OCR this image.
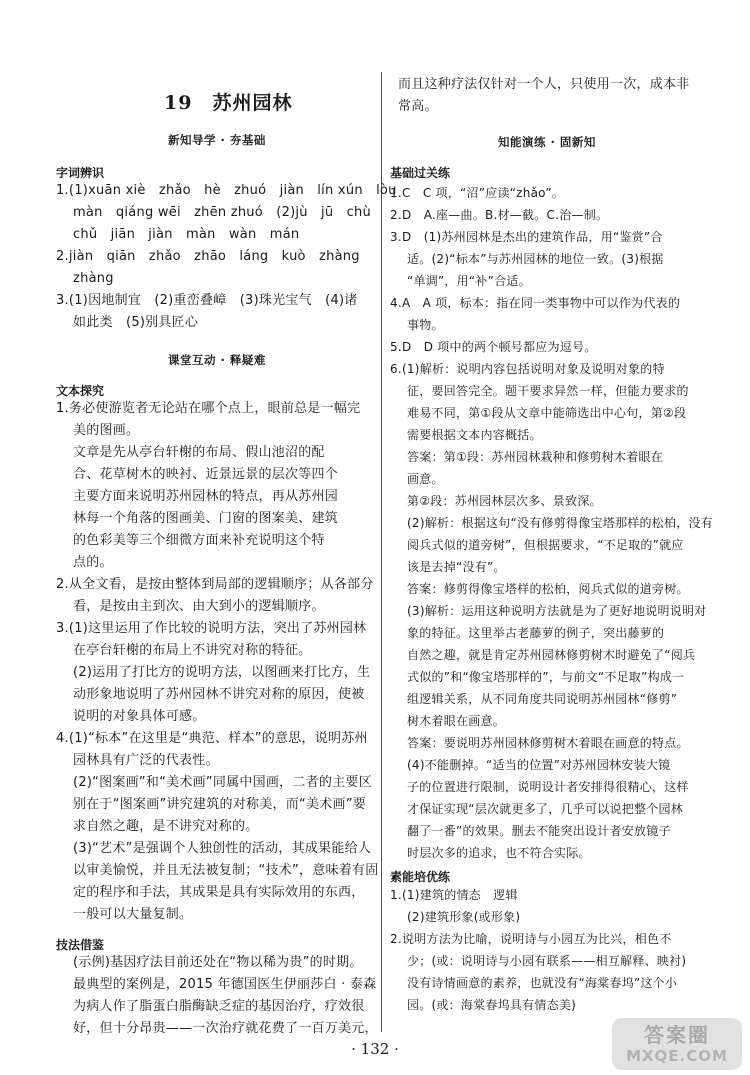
19　苏州园林
新知导学 · 夯基础
字词辨识
1.(1)xuān xiè　zhǎo　hè　zhuó　jiàn　lín xún　lòu
màn　qiáng wēi　zhēn zhuó　(2)jù　jū　chù
chǔ　jiān　jiàn　màn　wàn　mán
2.jiàn　qiān　zhǎo　zhāo　láng　kuò　zhàng
zhàng
3.(1)因地制宜　(2)重峦叠嶂　(3)珠光宝气　(4)诸
如此类　(5)别具匠心
课堂互动 · 释疑难
文本探究
1.务必使游览者无论站在哪个点上，眼前总是一幅完
美的图画。
文章是先从亭台轩榭的布局、假山池沼的配
合、花草树木的映衬、近景远景的层次等四个
主要方面来说明苏州园林的特点，再从苏州园
林每一个角落的图画美、门窗的图案美、建筑
的色彩美等三个细微方面来补充说明这个特
点的。
2.从全文看，是按由整体到局部的逻辑顺序；从各部分
看，是按由主到次、由大到小的逻辑顺序。
3.(1)这里运用了作比较的说明方法，突出了苏州园林
在亭台轩榭的布局上不讲究对称的特征。
(2)运用了打比方的说明方法，以图画来打比方，生
动形象地说明了苏州园林不讲究对称的原因，使被
说明的对象具体可感。
4.(1)“标本”在这里是“典范、样本”的意思，说明苏州
园林具有广泛的代表性。
(2)“图案画”和“美术画”同属中国画，二者的主要区
别在于“图案画”讲究建筑的对称美，而“美术画”要
求自然之趣，是不讲究对称的。
(3)“艺术”是强调个人独创性的活动，其成果能给人
以审美愉悦，并且无法被复制；“技术”，意味着有固
定的程序和手法，其成果是具有实际效用的东西，
一般可以大量复制。
技法借鉴
(示例)基因疗法目前还处在“物以稀为贵”的时期。
最典型的案例是，2015 年德国医生伊丽莎白 · 泰森
为病人作了脂蛋白脂酶缺乏症的基因治疗，疗效很
好，但十分昂贵——一次治疗就花费了一百万美元，
而且这种疗法仅针对一个人，只使用一次，成本非
常高。
知能演练 · 固新知
基础过关练
1.C　C 项，“沼”应读“zhǎo”。
2.D　A.座—曲。B.材—截。C.治—制。
3.D　(1)苏州园林是杰出的建筑作品，用“鉴赏”合
适。(2)“标本”与苏州园林的地位一致。(3)根据
“单调”，用“补”合适。
4.A　A 项，标本：指在同一类事物中可以作为代表的
事物。
5.D　D 项中的两个顿号都应为逗号。
6.(1)解析：说明内容包括说明对象及说明对象的特
征，要回答完全。题干要求异然一样，但能力要求的
难易不同，第①段从文章中能筛选出中心句，第②段
需要根据文本内容概括。
答案：第①段：苏州园林栽种和修剪树木着眼在
画意。
第②段：苏州园林层次多、景致深。
(2)解析：根据这句“没有修剪得像宝塔那样的松柏，没有
阅兵式似的道旁树”，但根据要求，“不足取的”就应
该是去掉“没有”。
答案：修剪得像宝塔样的松柏，阅兵式似的道旁树。
(3)解析：运用这种说明方法就是为了更好地说明说明对
象的特征。这里举古老藤萝的例子，突出藤萝的
自然之趣，就是肯定苏州园林修剪树木时避免了“阅兵
式似的”和“像宝塔那样的”，与前文“不足取”构成一
组逻辑关系，从不同角度共同说明苏州园林“修剪”
树木着眼在画意。
答案：要说明苏州园林修剪树木着眼在画意的特点。
(4)不能删掉。“适当的位置”对苏州园林安装大镜
子的位置进行限制，说明设计者安排得很精心，这样
才保证实现“层次就更多了，几乎可以说把整个园林
翻了一番”的效果。删去不能突出设计者安放镜子
时层次多的追求，也不符合实际。
素能培优练
1.(1)建筑的情态　逻辑
(2)建筑形象(或形象)
2.说明方法为比喻，说明诗与小园互为比兴，相色不
少；(或：说明诗与小园有联系——相互解释、映衬)
没有诗情画意的素养，也就没有“海棠春坞”这个小
园。(或：海棠春坞具有情态美)
· 132 ·
答案圈
MXQE.COM
